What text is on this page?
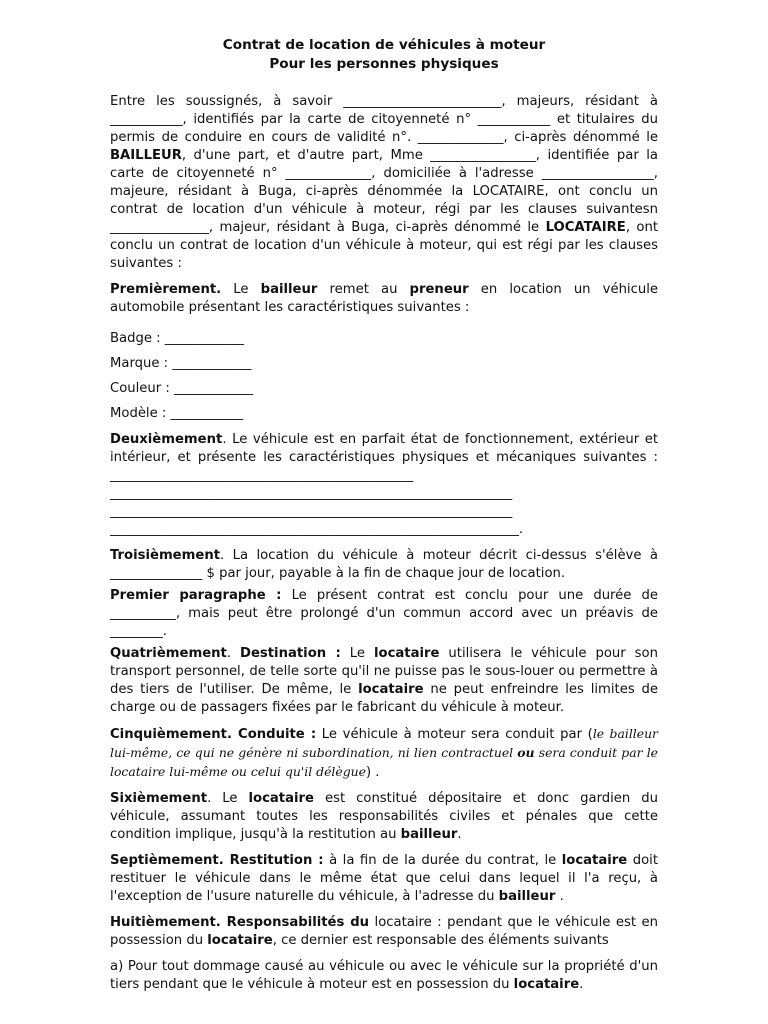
Contrat de location de véhicules à moteur
Pour les personnes physiques

Entre les soussignés, à savoir ________________________, majeurs, résidant à ___________, identifiés par la carte de citoyenneté n° ___________ et titulaires du permis de conduire en cours de validité n°. _____________, ci-après dénommé le BAILLEUR, d'une part, et d'autre part, Mme ________________, identifiée par la carte de citoyenneté n° _____________, domiciliée à l'adresse _________________, majeure, résidant à Buga, ci-après dénommée la LOCATAIRE, ont conclu un contrat de location d'un véhicule à moteur, régi par les clauses suivantesn _______________, majeur, résidant à Buga, ci-après dénommé le LOCATAIRE, ont conclu un contrat de location d'un véhicule à moteur, qui est régi par les clauses suivantes :

Premièrement. Le bailleur remet au preneur en location un véhicule automobile présentant les caractéristiques suivantes :

Badge : ____________
Marque : ____________
Couleur : ____________
Modèle : ___________

Deuxièmement. Le véhicule est en parfait état de fonctionnement, extérieur et intérieur, et présente les caractéristiques physiques et mécaniques suivantes : ______________________________________________

_____________________________________________________________
_____________________________________________________________
______________________________________________________________.

Troisièmement. La location du véhicule à moteur décrit ci-dessus s'élève à ______________ $ par jour, payable à la fin de chaque jour de location.

Premier paragraphe : Le présent contrat est conclu pour une durée de __________, mais peut être prolongé d'un commun accord avec un préavis de ________.

Quatrièmement. Destination : Le locataire utilisera le véhicule pour son transport personnel, de telle sorte qu'il ne puisse pas le sous-louer ou permettre à des tiers de l'utiliser. De même, le locataire ne peut enfreindre les limites de charge ou de passagers fixées par le fabricant du véhicule à moteur.

Cinquièmement. Conduite : Le véhicule à moteur sera conduit par (le bailleur lui-même, ce qui ne génère ni subordination, ni lien contractuel ou sera conduit par le locataire lui-même ou celui qu'il délègue) .

Sixièmement. Le locataire est constitué dépositaire et donc gardien du véhicule, assumant toutes les responsabilités civiles et pénales que cette condition implique, jusqu'à la restitution au bailleur.

Septièmement. Restitution : à la fin de la durée du contrat, le locataire doit restituer le véhicule dans le même état que celui dans lequel il l'a reçu, à l'exception de l'usure naturelle du véhicule, à l'adresse du bailleur .

Huitièmement. Responsabilités du locataire : pendant que le véhicule est en possession du locataire, ce dernier est responsable des éléments suivants

a) Pour tout dommage causé au véhicule ou avec le véhicule sur la propriété d'un tiers pendant que le véhicule à moteur est en possession du locataire.
